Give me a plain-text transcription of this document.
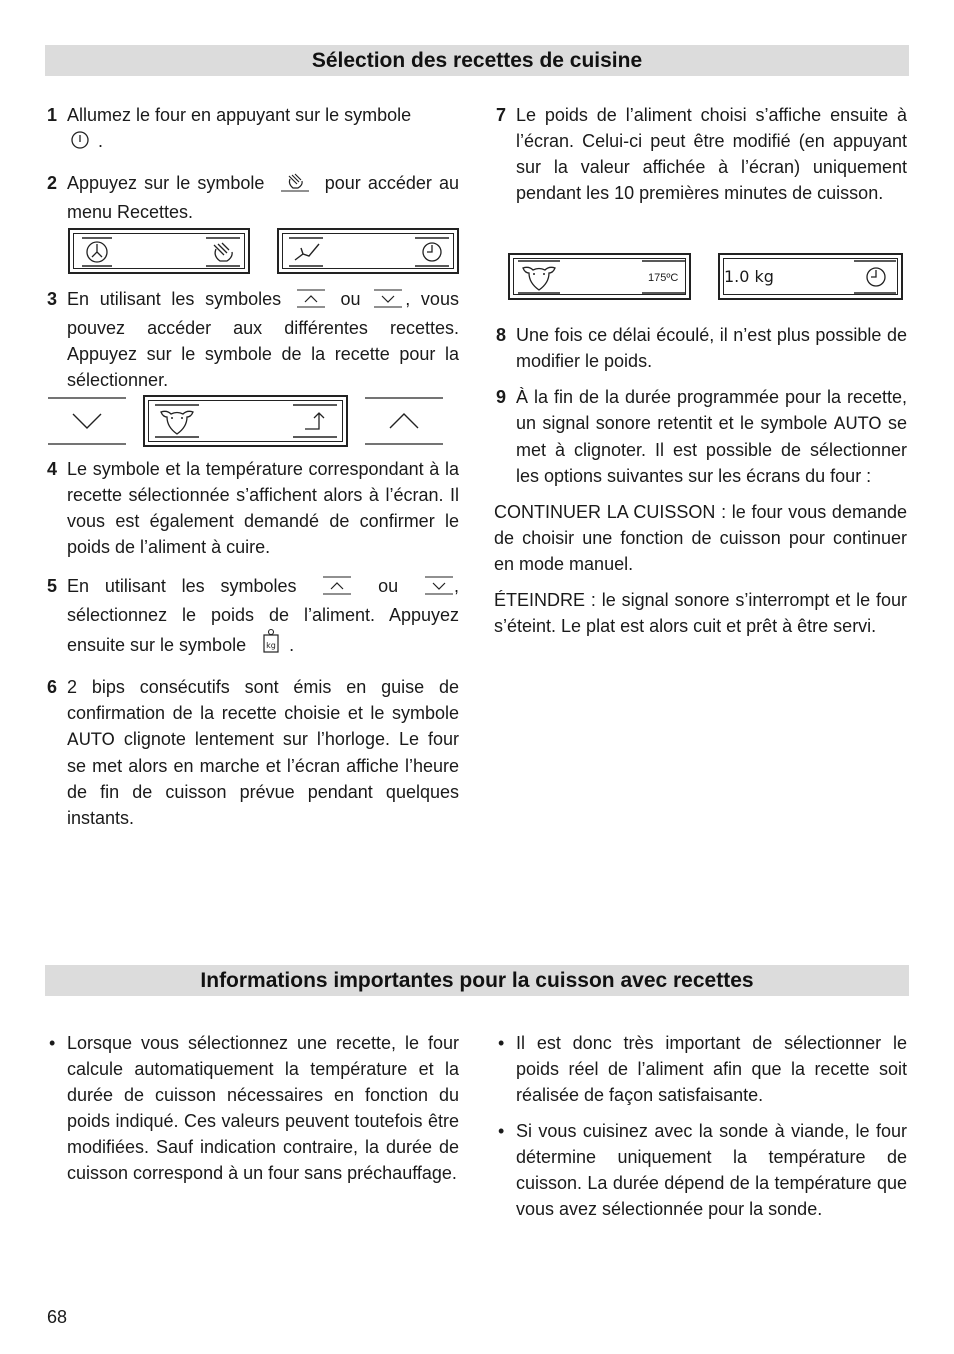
Sélection des recettes de cuisine

1 Allumez le four en appuyant sur le symbole
.

2 Appuyez sur le symbole	pour accéder au menu Recettes.

3 En utilisant les symboles	ou , vous pouvez accéder aux différentes recettes. Appuyez sur le symbole de la recette pour la sélectionner.

4 Le symbole et la température correspondant à la recette sélectionnée s’affichent alors à l’écran. Il vous est également demandé de confirmer le poids de l’aliment à cuire.

5 En utilisant les symboles	ou	, sélectionnez le poids de l’aliment. Appuyez ensuite sur le symbole	kg .

6 2 bips consécutifs sont émis en guise de confirmation de la recette choisie et le symbole AUTO clignote lentement sur l’horloge. Le four se met alors en marche et l’écran affiche l’heure de fin de cuisson prévue pendant quelques instants.

7 Le poids de l’aliment choisi s’affiche ensuite à l’écran. Celui-ci peut être modifié (en appuyant sur la valeur affichée à l’écran) uniquement pendant les 10 premières minutes de cuisson.

175ºC	1.0 kg

8 Une fois ce délai écoulé, il n’est plus possible de modifier le poids.

9 À la fin de la durée programmée pour la recette, un signal sonore retentit et le symbole AUTO se met à clignoter. Il est possible de sélectionner les options suivantes sur les écrans du four :

CONTINUER LA CUISSON : le four vous demande de choisir une fonction de cuisson pour continuer en mode manuel.

ÉTEINDRE : le signal sonore s’interrompt et le four s’éteint. Le plat est alors cuit et prêt à être servi.

Informations importantes pour la cuisson avec recettes

• Lorsque vous sélectionnez une recette, le four calcule automatiquement la température et la durée de cuisson nécessaires en fonction du poids indiqué. Ces valeurs peuvent toutefois être modifiées. Sauf indication contraire, la durée de cuisson correspond à un four sans préchauffage.

• Il est donc très important de sélectionner le poids réel de l’aliment afin que la recette soit réalisée de façon satisfaisante.

• Si vous cuisinez avec la sonde à viande, le four détermine uniquement la température de cuisson. La durée dépend de la température que vous avez sélectionnée pour la sonde.

68
